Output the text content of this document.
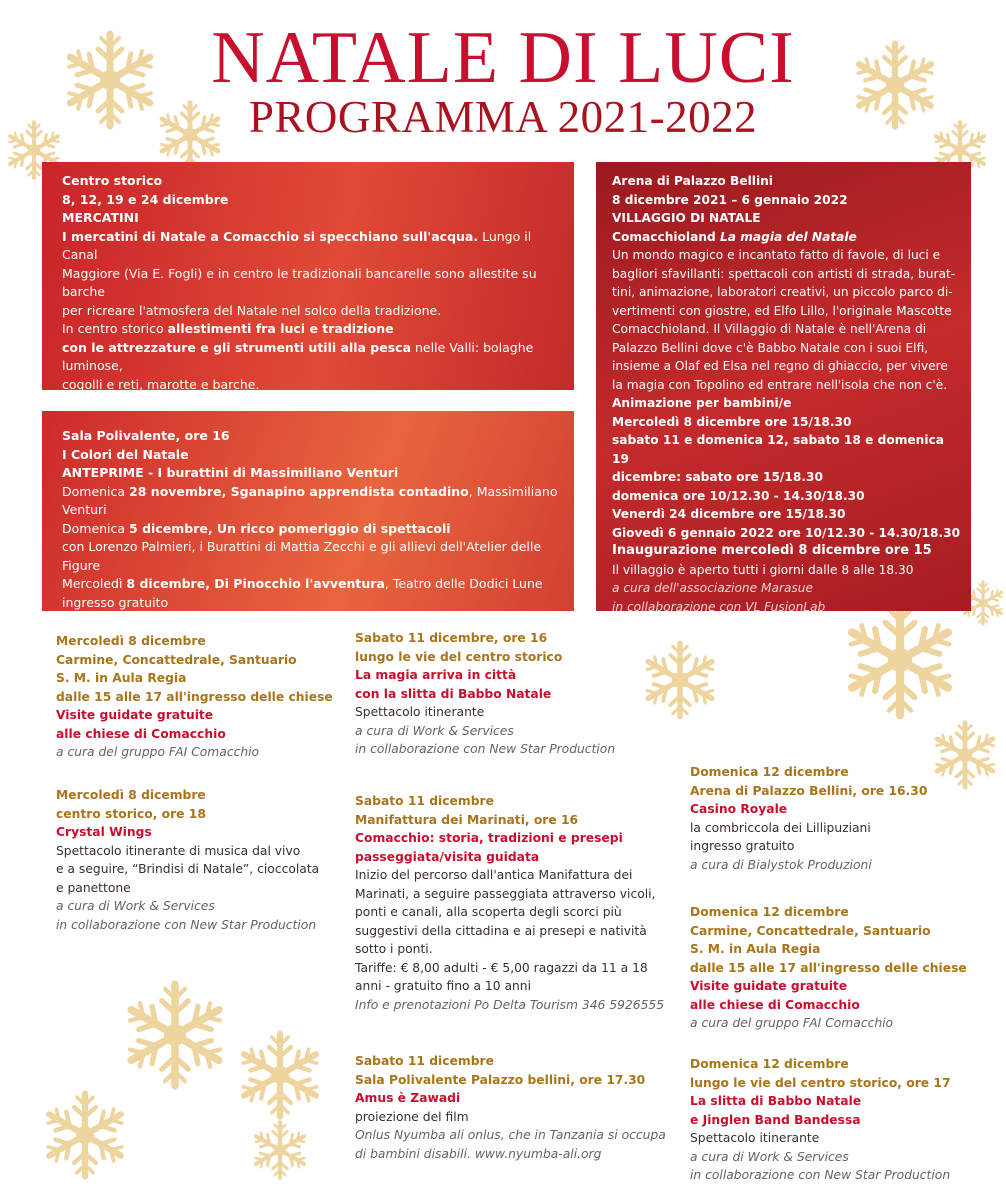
NATALE DI LUCI
PROGRAMMA 2021-2022

Centro storico

8, 12, 19 e 24 dicembre

MERCATINI

I mercatini di Natale a Comacchio si specchiano sull'acqua. Lungo il Canal

Maggiore (Via E. Fogli) e in centro le tradizionali bancarelle sono allestite su barche

per ricreare l'atmosfera del Natale nel solco della tradizione.

In centro storico allestimenti fra luci e tradizione

con le attrezzature e gli strumenti utili alla pesca nelle Valli: bolaghe luminose,

cogolli e reti, marotte e barche.

Itinerario di visita a bordo di un trenino.

Sala Polivalente, ore 16

I Colori del Natale

ANTEPRIME - I burattini di Massimiliano Venturi

Domenica 28 novembre, Sganapino apprendista contadino, Massimiliano Venturi

Domenica 5 dicembre, Un ricco pomeriggio di spettacoli

con Lorenzo Palmieri, i Burattini di Mattia Zecchi e gli allievi dell'Atelier delle Figure

Mercoledì 8 dicembre, Di Pinocchio l'avventura, Teatro delle Dodici Lune

ingresso gratuito

a cura di Bialystok Produzioni

Arena di Palazzo Bellini

8 dicembre 2021 – 6 gennaio 2022

VILLAGGIO DI NATALE

Comacchioland La magia del Natale

Un mondo magico e incantato fatto di favole, di luci e

bagliori sfavillanti: spettacoli con artisti di strada, burat-

tini, animazione, laboratori creativi, un piccolo parco di-

vertimenti con giostre, ed Elfo Lillo, l'originale Mascotte

Comacchioland. Il Villaggio di Natale è nell'Arena di

Palazzo Bellini dove c'è Babbo Natale con i suoi Elfi,

insieme a Olaf ed Elsa nel regno di ghiaccio, per vivere

la magia con Topolino ed entrare nell'isola che non c'è.

Animazione per bambini/e

Mercoledì 8 dicembre ore 15/18.30

sabato 11 e domenica 12, sabato 18 e domenica 19

dicembre: sabato ore 15/18.30

domenica ore 10/12.30 - 14.30/18.30

Venerdì 24 dicembre ore 15/18.30

Giovedì 6 gennaio 2022 ore 10/12.30 - 14.30/18.30

Inaugurazione mercoledì 8 dicembre ore 15

Il villaggio è aperto tutti i giorni dalle 8 alle 18.30

a cura dell'associazione Marasue

in collaborazione con VL FusionLab

Mercoledì 8 dicembre

Carmine, Concattedrale, Santuario

S. M. in Aula Regia

dalle 15 alle 17 all'ingresso delle chiese

Visite guidate gratuite

alle chiese di Comacchio

a cura del gruppo FAI Comacchio

Mercoledì 8 dicembre

centro storico, ore 18

Crystal Wings

Spettacolo itinerante di musica dal vivo

e a seguire, “Brindisi di Natale”, cioccolata

e panettone

a cura di Work & Services

in collaborazione con New Star Production

Sabato 11 dicembre, ore 16

lungo le vie del centro storico

La magia arriva in città

con la slitta di Babbo Natale

Spettacolo itinerante

a cura di Work & Services

in collaborazione con New Star Production

Sabato 11 dicembre

Manifattura dei Marinati, ore 16

Comacchio: storia, tradizioni e presepi

passeggiata/visita guidata

Inizio del percorso dall'antica Manifattura dei

Marinati, a seguire passeggiata attraverso vicoli,

ponti e canali, alla scoperta degli scorci più

suggestivi della cittadina e ai presepi e natività

sotto i ponti.

Tariffe: € 8,00 adulti - € 5,00 ragazzi da 11 a 18

anni - gratuito fino a 10 anni

Info e prenotazioni Po Delta Tourism 346 5926555

Sabato 11 dicembre

Sala Polivalente Palazzo bellini, ore 17.30

Amus è Zawadi

proiezione del film

Onlus Nyumba ali onlus, che in Tanzania si occupa

di bambini disabili. www.nyumba-ali.org

Domenica 12 dicembre

Arena di Palazzo Bellini, ore 16.30

Casino Royale

la combriccola dei Lillipuziani

ingresso gratuito

a cura di Bialystok Produzioni

Domenica 12 dicembre

Carmine, Concattedrale, Santuario

S. M. in Aula Regia

dalle 15 alle 17 all'ingresso delle chiese

Visite guidate gratuite

alle chiese di Comacchio

a cura del gruppo FAI Comacchio

Domenica 12 dicembre

lungo le vie del centro storico, ore 17

La slitta di Babbo Natale

e Jinglen Band Bandessa

Spettacolo itinerante

a cura di Work & Services

in collaborazione con New Star Production
